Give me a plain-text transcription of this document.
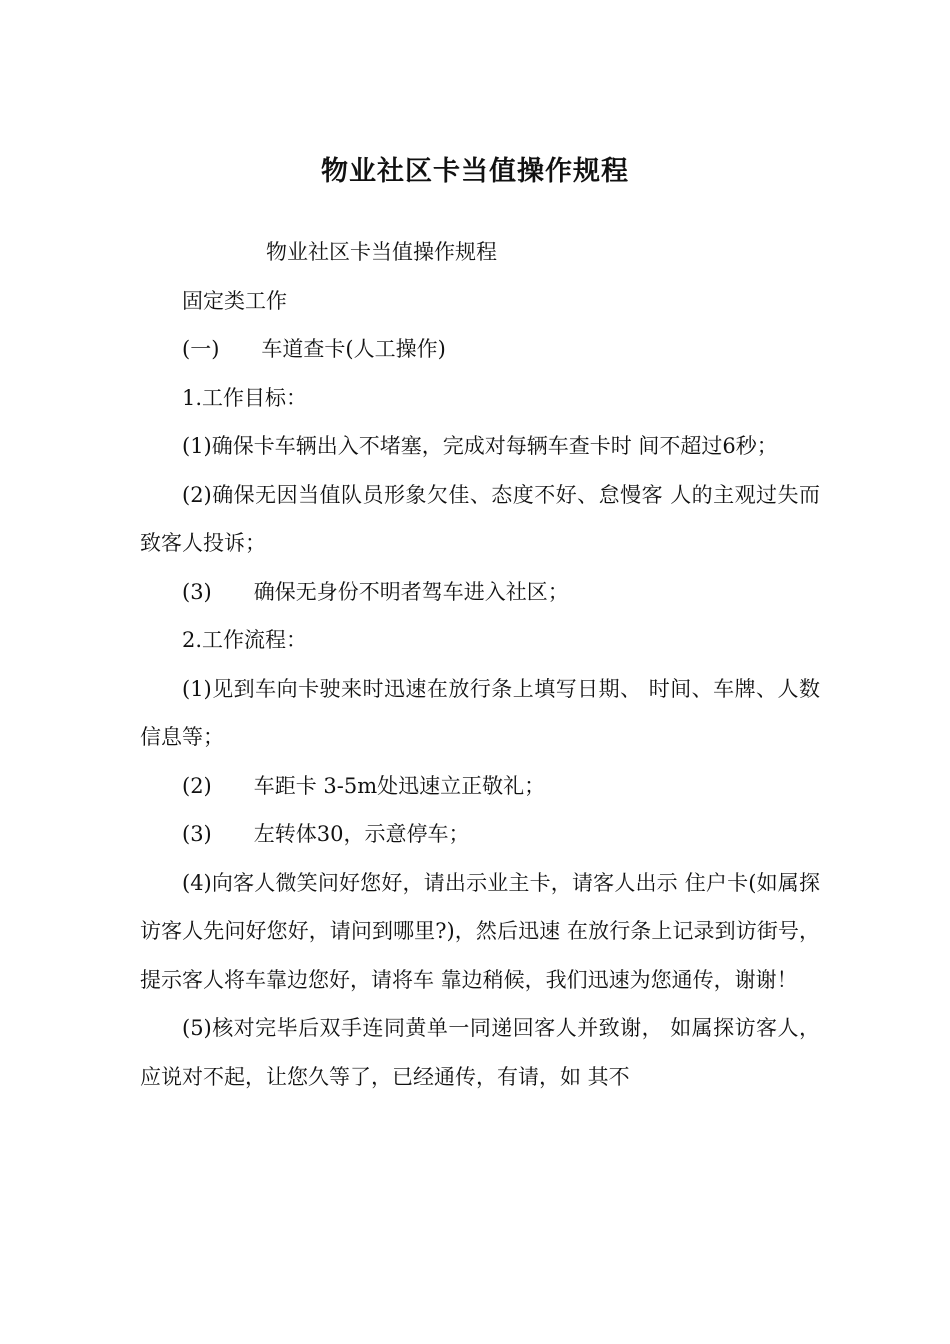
物业社区卡当值操作规程

物业社区卡当值操作规程

固定类工作

(一) 车道查卡(人工操作)

1.工作目标：

(1)确保卡车辆出入不堵塞，完成对每辆车查卡时 间不超过6秒；

(2)确保无因当值队员形象欠佳、态度不好、怠慢客 人的主观过失而致客人投诉；

(3) 确保无身份不明者驾车进入社区；

2.工作流程：

(1)见到车向卡驶来时迅速在放行条上填写日期、 时间、车牌、人数信息等；

(2) 车距卡 3-5m处迅速立正敬礼；

(3) 左转体30，示意停车；

(4)向客人微笑问好您好，请出示业主卡，请客人出示 住户卡(如属探访客人先问好您好，请问到哪里?)，然后迅速 在放行条上记录到访街号，提示客人将车靠边您好，请将车 靠边稍候，我们迅速为您通传，谢谢！

(5)核对完毕后双手连同黄单一同递回客人并致谢， 如属探访客人，应说对不起，让您久等了，已经通传，有请，如 其不
